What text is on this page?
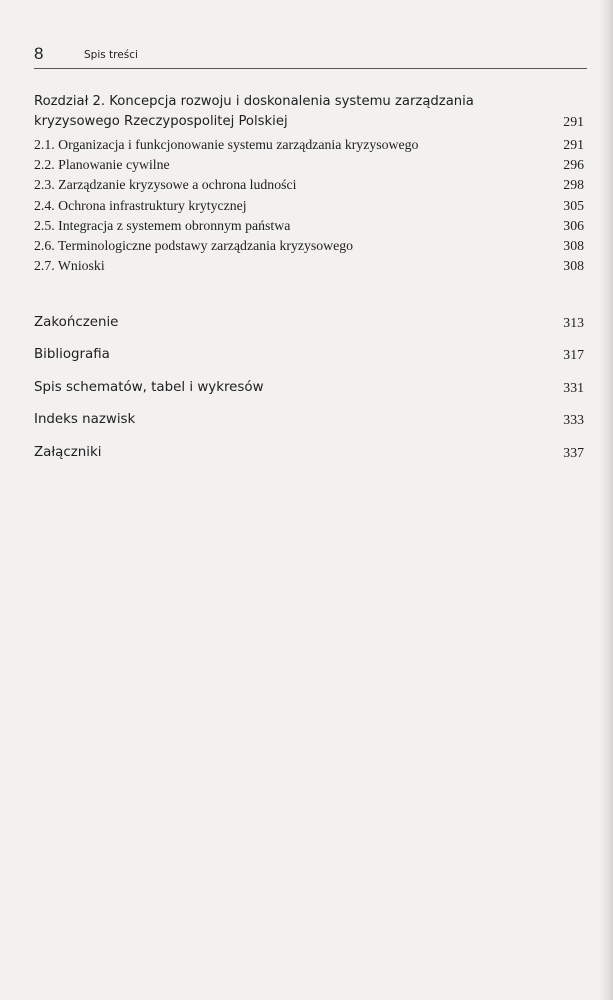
8	Spis treści
Rozdział 2. Koncepcja rozwoju i doskonalenia systemu zarządzania
kryzysowego Rzeczypospolitej Polskiej	291
2.1. Organizacja i funkcjonowanie systemu zarządzania kryzysowego	291
2.2. Planowanie cywilne	296
2.3. Zarządzanie kryzysowe a ochrona ludności	298
2.4. Ochrona infrastruktury krytycznej	305
2.5. Integracja z systemem obronnym państwa	306
2.6. Terminologiczne podstawy zarządzania kryzysowego	308
2.7. Wnioski	308
Zakończenie	313
Bibliografia	317
Spis schematów, tabel i wykresów	331
Indeks nazwisk	333
Załączniki	337
